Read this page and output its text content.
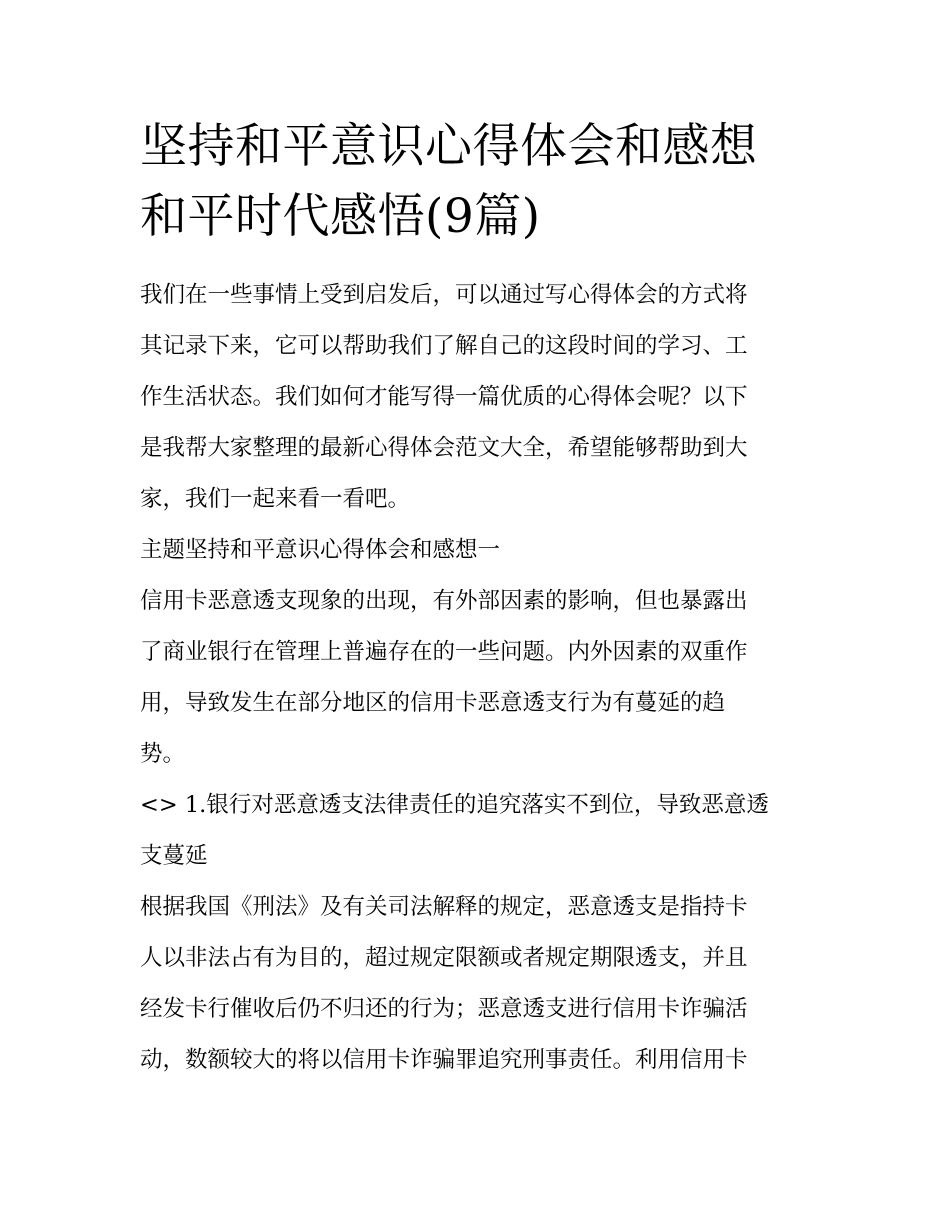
坚持和平意识心得体会和感想
和平时代感悟(9篇)
我们在一些事情上受到启发后，可以通过写心得体会的方式将
其记录下来，它可以帮助我们了解自己的这段时间的学习、工
作生活状态。我们如何才能写得一篇优质的心得体会呢？以下
是我帮大家整理的最新心得体会范文大全，希望能够帮助到大
家，我们一起来看一看吧。
主题坚持和平意识心得体会和感想一
信用卡恶意透支现象的出现，有外部因素的影响，但也暴露出
了商业银行在管理上普遍存在的一些问题。内外因素的双重作
用，导致发生在部分地区的信用卡恶意透支行为有蔓延的趋
势。
<> 1.银行对恶意透支法律责任的追究落实不到位，导致恶意透
支蔓延
根据我国《刑法》及有关司法解释的规定，恶意透支是指持卡
人以非法占有为目的，超过规定限额或者规定期限透支，并且
经发卡行催收后仍不归还的行为；恶意透支进行信用卡诈骗活
动，数额较大的将以信用卡诈骗罪追究刑事责任。利用信用卡
